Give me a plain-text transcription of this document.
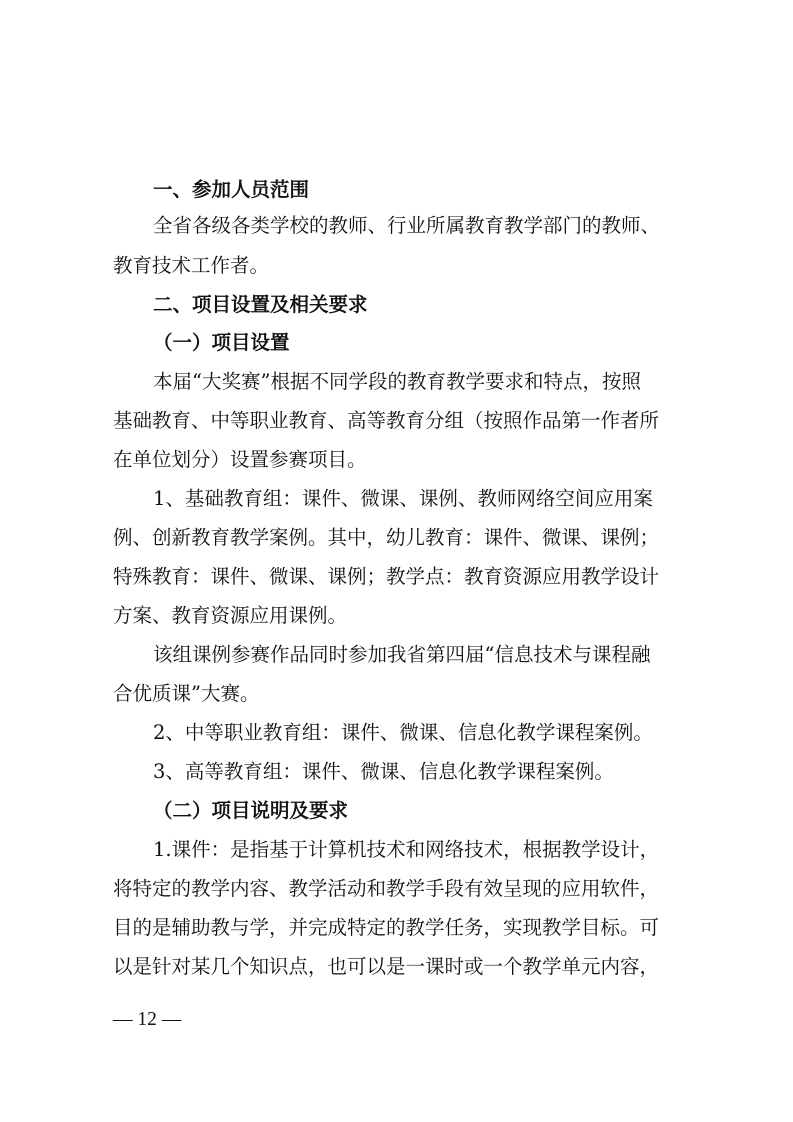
一、参加人员范围
全省各级各类学校的教师、行业所属教育教学部门的教师、
教育技术工作者。
二、项目设置及相关要求
（一）项目设置
本届“大奖赛”根据不同学段的教育教学要求和特点，按照
基础教育、中等职业教育、高等教育分组（按照作品第一作者所
在单位划分）设置参赛项目。
1、基础教育组：课件、微课、课例、教师网络空间应用案
例、创新教育教学案例。其中，幼儿教育：课件、微课、课例；
特殊教育：课件、微课、课例；教学点：教育资源应用教学设计
方案、教育资源应用课例。
该组课例参赛作品同时参加我省第四届“信息技术与课程融
合优质课”大赛。
2、中等职业教育组：课件、微课、信息化教学课程案例。
3、高等教育组：课件、微课、信息化教学课程案例。
（二）项目说明及要求
1.课件：是指基于计算机技术和网络技术，根据教学设计，
将特定的教学内容、教学活动和教学手段有效呈现的应用软件，
目的是辅助教与学，并完成特定的教学任务，实现教学目标。可
以是针对某几个知识点，也可以是一课时或一个教学单元内容，
— 12 —
